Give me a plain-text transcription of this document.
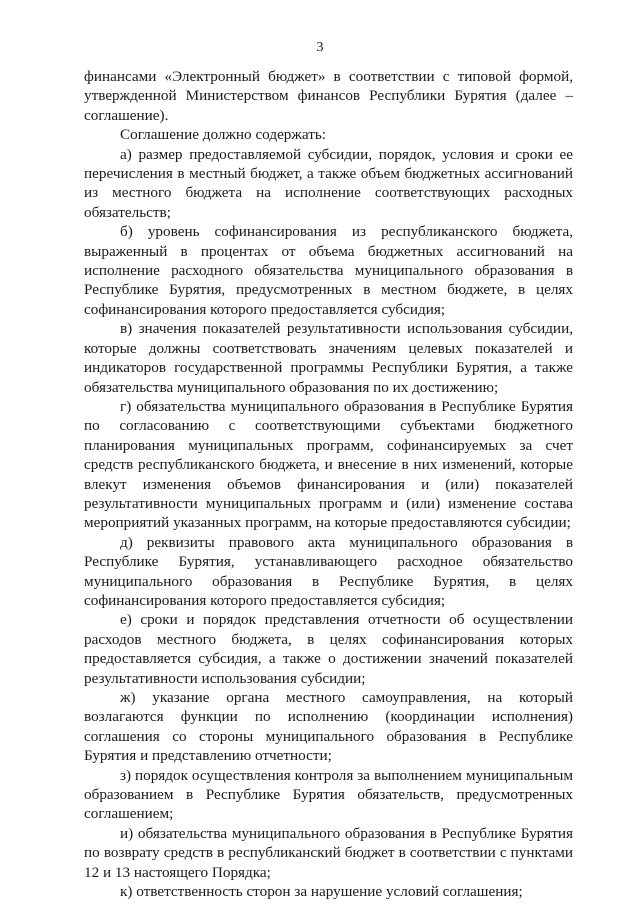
3
финансами «Электронный бюджет» в соответствии с типовой формой,
утвержденной Министерством финансов Республики Бурятия (далее –
соглашение).
Соглашение должно содержать:
а) размер предоставляемой субсидии, порядок, условия и сроки ее
перечисления в местный бюджет, а также объем бюджетных ассигнований
из местного бюджета на исполнение соответствующих расходных
обязательств;
б) уровень софинансирования из республиканского бюджета,
выраженный в процентах от объема бюджетных ассигнований на
исполнение расходного обязательства муниципального образования в
Республике Бурятия, предусмотренных в местном бюджете, в целях
софинансирования которого предоставляется субсидия;
в) значения показателей результативности использования субсидии,
которые должны соответствовать значениям целевых показателей и
индикаторов государственной программы Республики Бурятия, а также
обязательства муниципального образования по их достижению;
г) обязательства муниципального образования в Республике Бурятия
по согласованию с соответствующими субъектами бюджетного
планирования муниципальных программ, софинансируемых за счет
средств республиканского бюджета, и внесение в них изменений, которые
влекут изменения объемов финансирования и (или) показателей
результативности муниципальных программ и (или) изменение состава
мероприятий указанных программ, на которые предоставляются субсидии;
д) реквизиты правового акта муниципального образования в
Республике Бурятия, устанавливающего расходное обязательство
муниципального образования в Республике Бурятия, в целях
софинансирования которого предоставляется субсидия;
е) сроки и порядок представления отчетности об осуществлении
расходов местного бюджета, в целях софинансирования которых
предоставляется субсидия, а также о достижении значений показателей
результативности использования субсидии;
ж) указание органа местного самоуправления, на который
возлагаются функции по исполнению (координации исполнения)
соглашения со стороны муниципального образования в Республике
Бурятия и представлению отчетности;
з) порядок осуществления контроля за выполнением муниципальным
образованием в Республике Бурятия обязательств, предусмотренных
соглашением;
и) обязательства муниципального образования в Республике Бурятия
по возврату средств в республиканский бюджет в соответствии с пунктами
12 и 13 настоящего Порядка;
к) ответственность сторон за нарушение условий соглашения;
